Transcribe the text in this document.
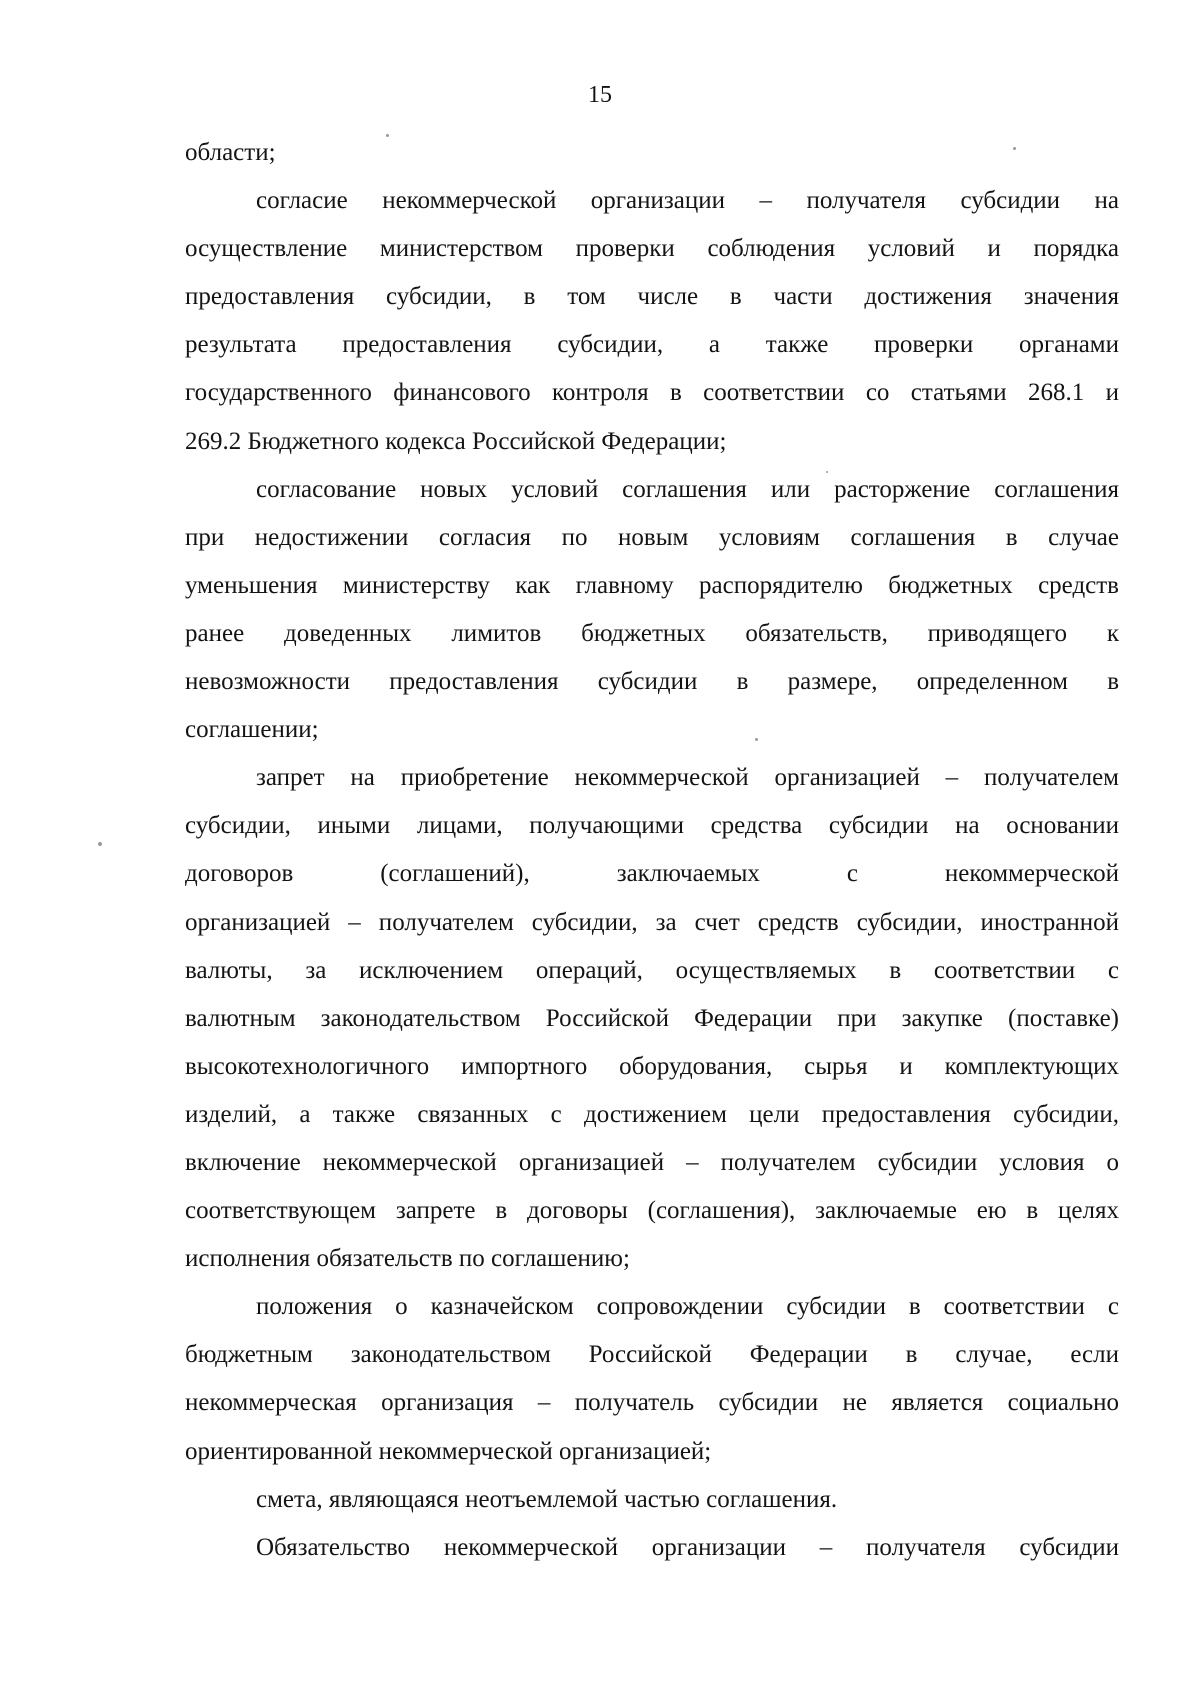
15
области;
согласие некоммерческой организации – получателя субсидии на
осуществление министерством проверки соблюдения условий и порядка
предоставления субсидии, в том числе в части достижения значения
результата предоставления субсидии, а также проверки органами
государственного финансового контроля в соответствии со статьями 268.1 и
269.2 Бюджетного кодекса Российской Федерации;
согласование новых условий соглашения или расторжение соглашения
при недостижении согласия по новым условиям соглашения в случае
уменьшения министерству как главному распорядителю бюджетных средств
ранее доведенных лимитов бюджетных обязательств, приводящего к
невозможности предоставления субсидии в размере, определенном в
соглашении;
запрет на приобретение некоммерческой организацией – получателем
субсидии, иными лицами, получающими средства субсидии на основании
договоров (соглашений), заключаемых с некоммерческой
организацией – получателем субсидии, за счет средств субсидии, иностранной
валюты, за исключением операций, осуществляемых в соответствии с
валютным законодательством Российской Федерации при закупке (поставке)
высокотехнологичного импортного оборудования, сырья и комплектующих
изделий, а также связанных с достижением цели предоставления субсидии,
включение некоммерческой организацией – получателем субсидии условия о
соответствующем запрете в договоры (соглашения), заключаемые ею в целях
исполнения обязательств по соглашению;
положения о казначейском сопровождении субсидии в соответствии с
бюджетным законодательством Российской Федерации в случае, если
некоммерческая организация – получатель субсидии не является социально
ориентированной некоммерческой организацией;
смета, являющаяся неотъемлемой частью соглашения.
Обязательство некоммерческой организации – получателя субсидии
